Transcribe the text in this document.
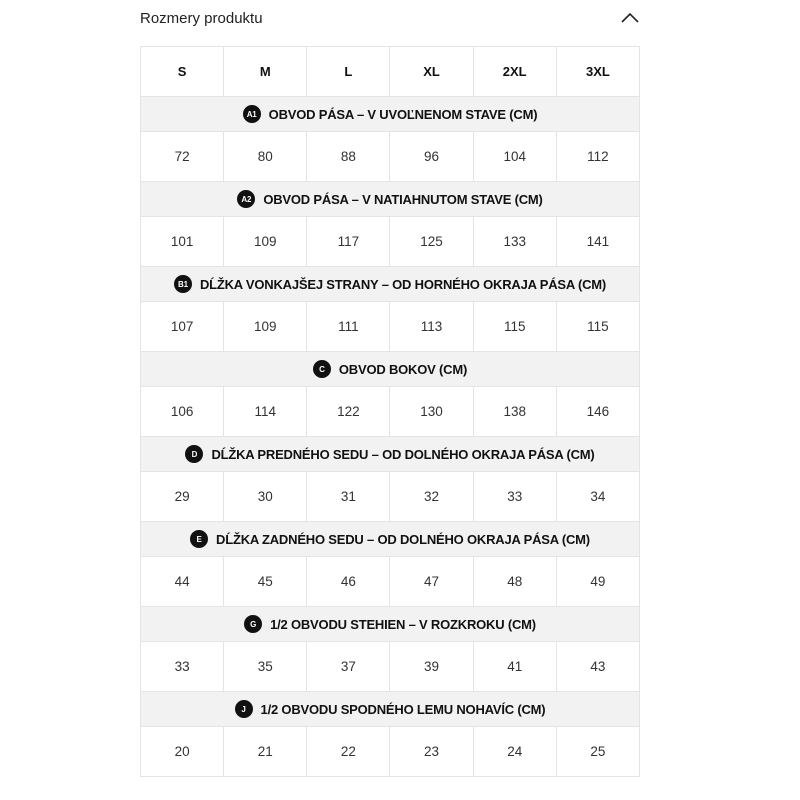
Rozmery produktu
S	M	L	XL	2XL	3XL

A1 OBVOD PÁSA – V UVOĽNENOM STAVE (CM)					

72	80	88	96	104	112

A2 OBVOD PÁSA – V NATIAHNUTOM STAVE (CM)					

101	109	117	125	133	141

B1 DĹŽKA VONKAJŠEJ STRANY – OD HORNÉHO OKRAJA PÁSA (CM)					

107	109	111	113	115	115

C OBVOD BOKOV (CM)					

106	114	122	130	138	146

D DĹŽKA PREDNÉHO SEDU – OD DOLNÉHO OKRAJA PÁSA (CM)					

29	30	31	32	33	34

E DĹŽKA ZADNÉHO SEDU – OD DOLNÉHO OKRAJA PÁSA (CM)					

44	45	46	47	48	49

G 1/2 OBVODU STEHIEN – V ROZKROKU (CM)					

33	35	37	39	41	43

J 1/2 OBVODU SPODNÉHO LEMU NOHAVÍC (CM)					

20	21	22	23	24	25
